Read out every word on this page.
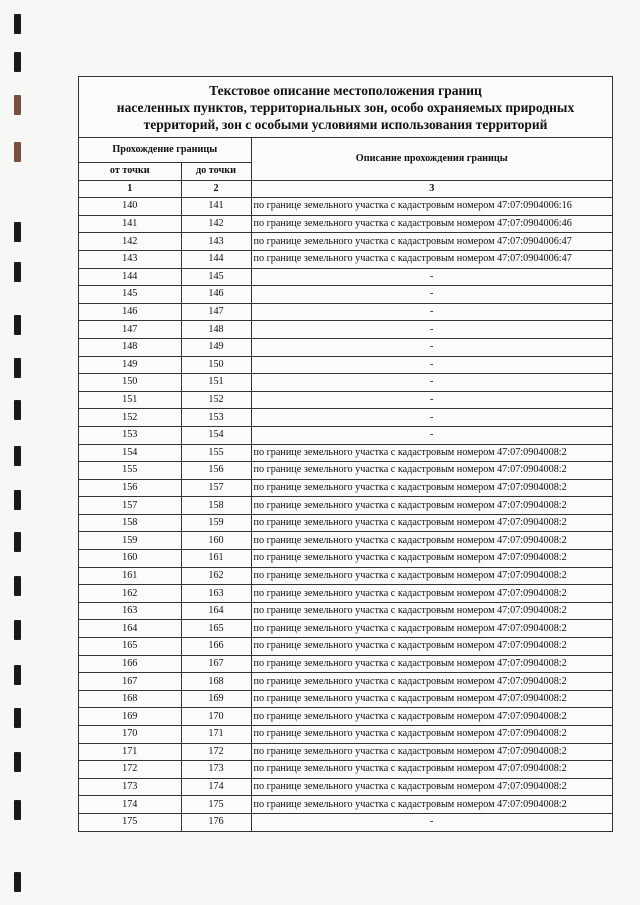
Текстовое описание местоположения границ
населенных пунктов, территориальных зон, особо охраняемых природных
территорий, зон с особыми условиями использования территорий
Прохождение границы		Описание прохождения границы
от точки	до точки	
1	2	3
140	141	по границе земельного участка с кадастровым номером 47:07:0904006:16
141	142	по границе земельного участка с кадастровым номером 47:07:0904006:46
142	143	по границе земельного участка с кадастровым номером 47:07:0904006:47
143	144	по границе земельного участка с кадастровым номером 47:07:0904006:47
144	145	-
145	146	-
146	147	-
147	148	-
148	149	-
149	150	-
150	151	-
151	152	-
152	153	-
153	154	-
154	155	по границе земельного участка с кадастровым номером 47:07:0904008:2
155	156	по границе земельного участка с кадастровым номером 47:07:0904008:2
156	157	по границе земельного участка с кадастровым номером 47:07:0904008:2
157	158	по границе земельного участка с кадастровым номером 47:07:0904008:2
158	159	по границе земельного участка с кадастровым номером 47:07:0904008:2
159	160	по границе земельного участка с кадастровым номером 47:07:0904008:2
160	161	по границе земельного участка с кадастровым номером 47:07:0904008:2
161	162	по границе земельного участка с кадастровым номером 47:07:0904008:2
162	163	по границе земельного участка с кадастровым номером 47:07:0904008:2
163	164	по границе земельного участка с кадастровым номером 47:07:0904008:2
164	165	по границе земельного участка с кадастровым номером 47:07:0904008:2
165	166	по границе земельного участка с кадастровым номером 47:07:0904008:2
166	167	по границе земельного участка с кадастровым номером 47:07:0904008:2
167	168	по границе земельного участка с кадастровым номером 47:07:0904008:2
168	169	по границе земельного участка с кадастровым номером 47:07:0904008:2
169	170	по границе земельного участка с кадастровым номером 47:07:0904008:2
170	171	по границе земельного участка с кадастровым номером 47:07:0904008:2
171	172	по границе земельного участка с кадастровым номером 47:07:0904008:2
172	173	по границе земельного участка с кадастровым номером 47:07:0904008:2
173	174	по границе земельного участка с кадастровым номером 47:07:0904008:2
174	175	по границе земельного участка с кадастровым номером 47:07:0904008:2
175	176	-
